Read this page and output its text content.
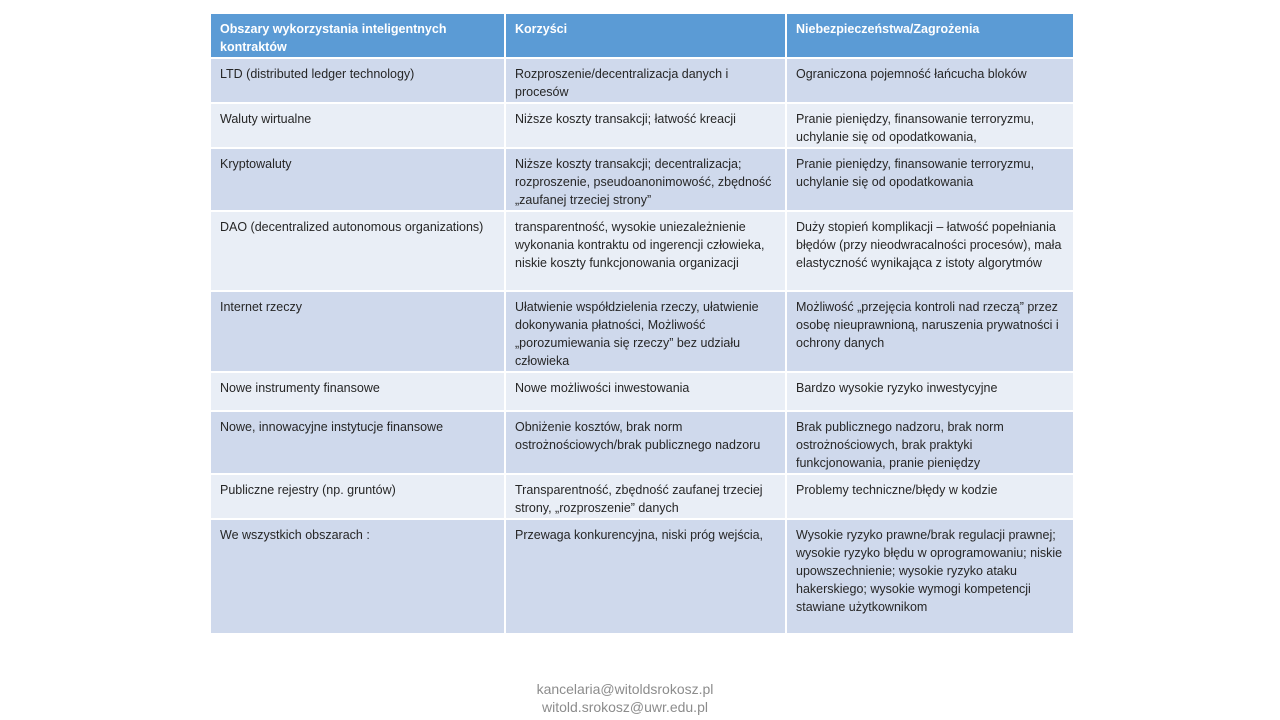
Obszary wykorzystania inteligentnych kontraktów	Korzyści	Niebezpieczeństwa/Zagrożenia
LTD (distributed ledger technology)	Rozproszenie/decentralizacja danych i procesów	Ograniczona pojemność łańcucha bloków
Waluty wirtualne	Niższe koszty transakcji; łatwość kreacji	Pranie pieniędzy, finansowanie terroryzmu, uchylanie się od opodatkowania,
Kryptowaluty	Niższe koszty transakcji; decentralizacja; rozproszenie, pseudoanonimowość, zbędność „zaufanej trzeciej strony”	Pranie pieniędzy, finansowanie terroryzmu, uchylanie się od opodatkowania
DAO (decentralized autonomous organizations)	transparentność, wysokie uniezależnienie wykonania kontraktu od ingerencji człowieka, niskie koszty funkcjonowania organizacji	Duży stopień komplikacji – łatwość popełniania błędów (przy nieodwracalności procesów), mała elastyczność wynikająca z istoty algorytmów
Internet rzeczy	Ułatwienie współdzielenia rzeczy, ułatwienie dokonywania płatności, Możliwość „porozumiewania się rzeczy” bez udziału człowieka	Możliwość „przejęcia kontroli nad rzeczą” przez osobę nieuprawnioną, naruszenia prywatności i ochrony danych
Nowe instrumenty finansowe	Nowe możliwości inwestowania	Bardzo wysokie ryzyko inwestycyjne
Nowe, innowacyjne instytucje finansowe	Obniżenie kosztów, brak norm ostrożnościowych/brak publicznego nadzoru	Brak publicznego nadzoru, brak norm ostrożnościowych, brak praktyki funkcjonowania, pranie pieniędzy
Publiczne rejestry (np. gruntów)	Transparentność, zbędność zaufanej trzeciej strony, „rozproszenie” danych	Problemy techniczne/błędy w kodzie
We wszystkich obszarach :	Przewaga konkurencyjna, niski próg wejścia,	Wysokie ryzyko prawne/brak regulacji prawnej; wysokie ryzyko błędu w oprogramowaniu; niskie upowszechnienie; wysokie ryzyko ataku hakerskiego; wysokie wymogi kompetencji stawiane użytkownikom
kancelaria@witoldsrokosz.pl
witold.srokosz@uwr.edu.pl
